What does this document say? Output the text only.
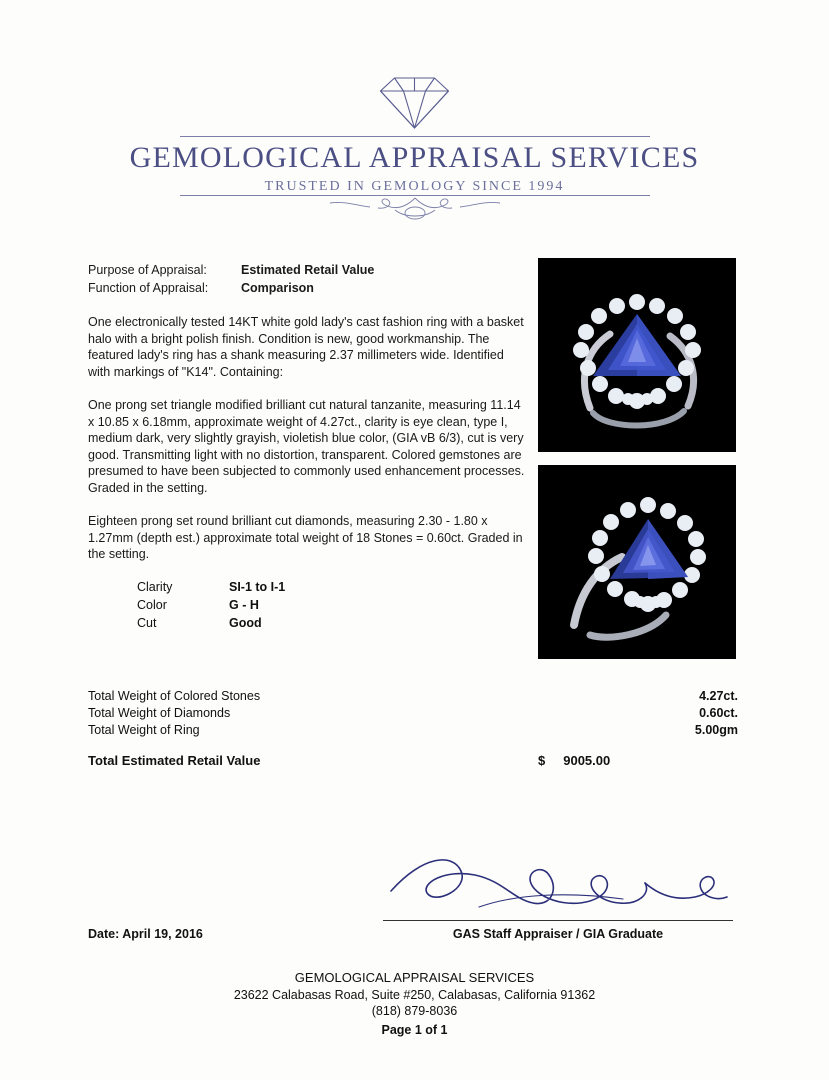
GEMOLOGICAL APPRAISAL SERVICES
TRUSTED IN GEMOLOGY SINCE 1994
Purpose of Appraisal:	Estimated Retail Value
Function of Appraisal:	Comparison

One electronically tested 14KT white gold lady's cast fashion ring with a basket halo with a bright polish finish. Condition is new, good workmanship. The featured lady's ring has a shank measuring 2.37 millimeters wide. Identified with markings of "K14". Containing:

One prong set triangle modified brilliant cut natural tanzanite, measuring 11.14 x 10.85 x 6.18mm, approximate weight of 4.27ct., clarity is eye clean, type I, medium dark, very slightly grayish, violetish blue color, (GIA vB 6/3), cut is very good. Transmitting light with no distortion, transparent. Colored gemstones are presumed to have been subjected to commonly used enhancement processes. Graded in the setting.

Eighteen prong set round brilliant cut diamonds, measuring 2.30 - 1.80 x 1.27mm (depth est.) approximate total weight of 18 Stones = 0.60ct. Graded in the setting.

Clarity	SI-1 to I-1
Color	G - H
Cut	Good
Total Weight of Colored Stones	4.27ct.
Total Weight of Diamonds	0.60ct.
Total Weight of Ring	5.00gm
Total Estimated Retail Value	$ 9005.00
GAS Staff Appraiser / GIA Graduate
Date: April 19, 2016
GEMOLOGICAL APPRAISAL SERVICES
23622 Calabasas Road, Suite #250, Calabasas, California 91362
(818) 879-8036
Page 1 of 1
